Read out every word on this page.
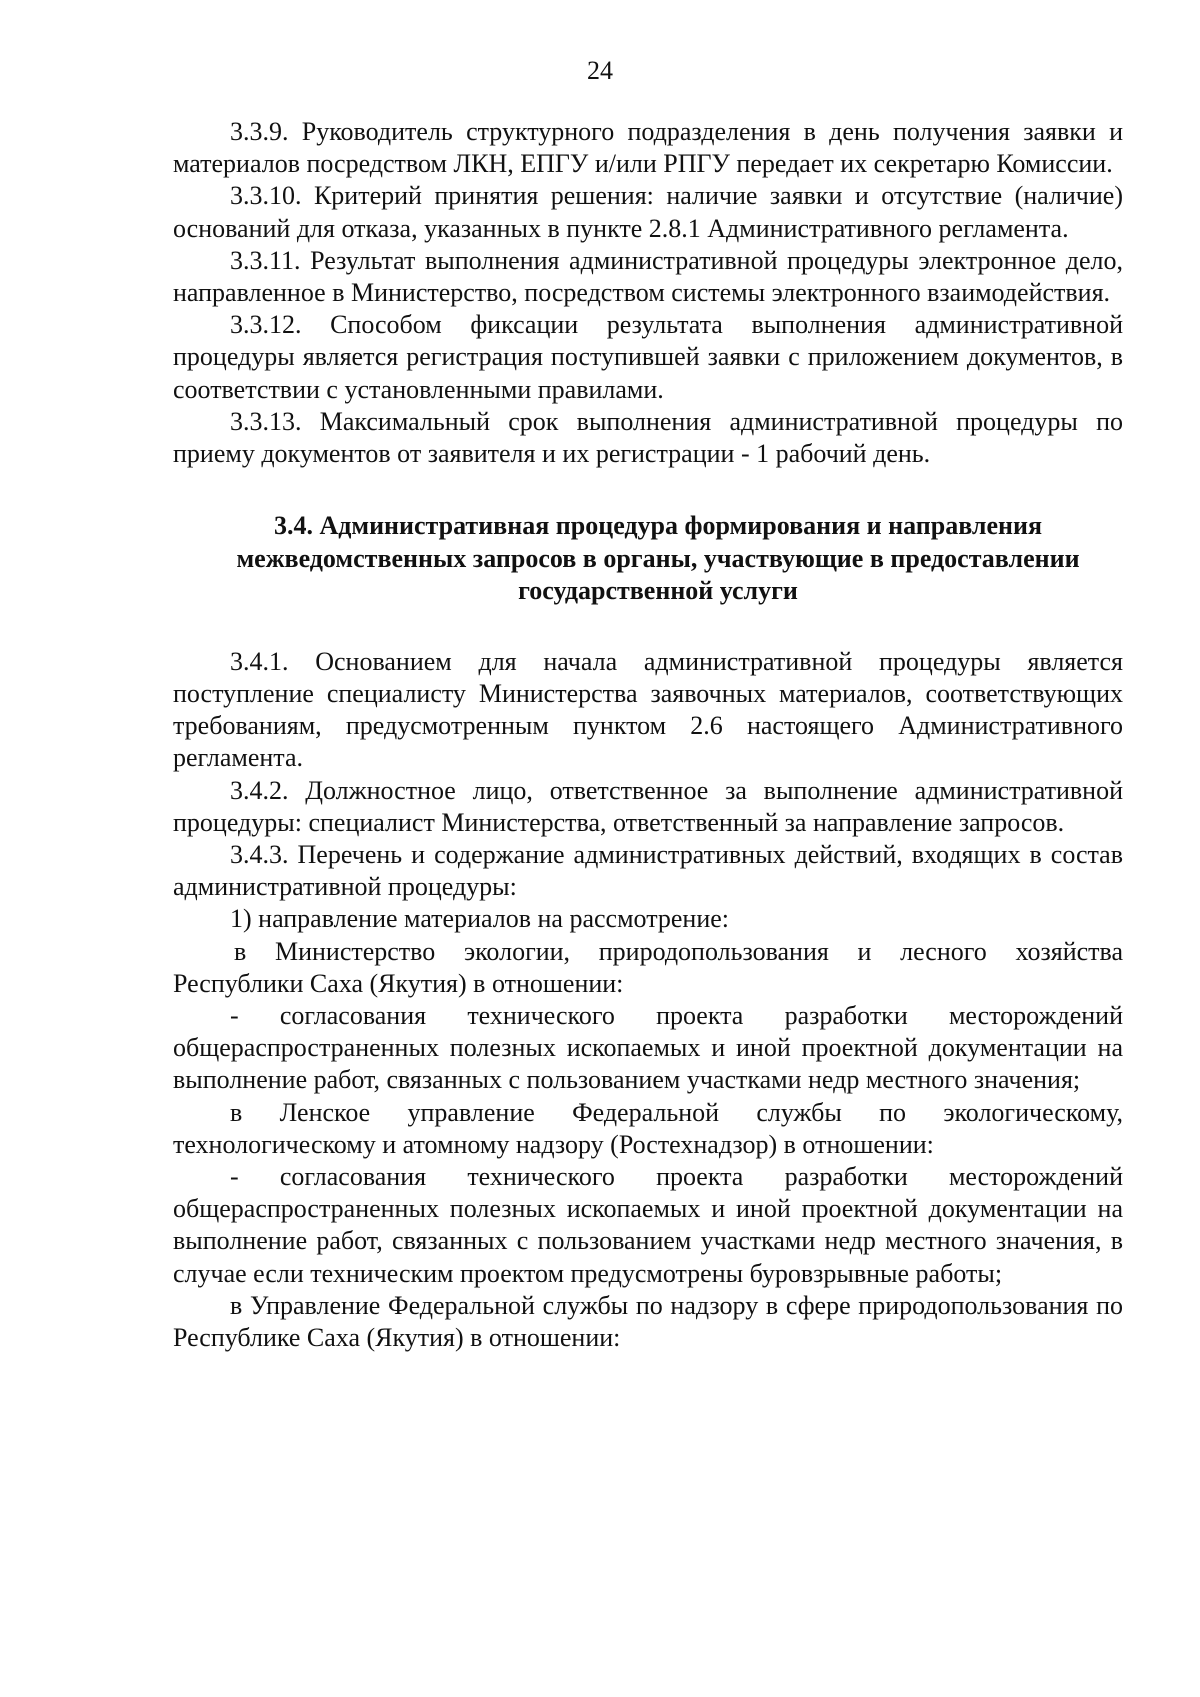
24

3.3.9. Руководитель структурного подразделения в день получения заявки и материалов посредством ЛКН, ЕПГУ и/или РПГУ передает их секретарю Комиссии.

3.3.10. Критерий принятия решения: наличие заявки и отсутствие (наличие) оснований для отказа, указанных в пункте 2.8.1 Административного регламента.

3.3.11. Результат выполнения административной процедуры электронное дело, направленное в Министерство, посредством системы электронного взаимодействия.

3.3.12. Способом фиксации результата выполнения административной процедуры является регистрация поступившей заявки с приложением документов, в соответствии с установленными правилами.

3.3.13. Максимальный срок выполнения административной процедуры по приему документов от заявителя и их регистрации - 1 рабочий день.

3.4. Административная процедура формирования и направления межведомственных запросов в органы, участвующие в предоставлении государственной услуги

3.4.1. Основанием для начала административной процедуры является поступление специалисту Министерства заявочных материалов, соответствующих требованиям, предусмотренным пунктом 2.6 настоящего Административного регламента.

3.4.2. Должностное лицо, ответственное за выполнение административной процедуры: специалист Министерства, ответственный за направление запросов.

3.4.3. Перечень и содержание административных действий, входящих в состав административной процедуры:

1) направление материалов на рассмотрение:

в Министерство экологии, природопользования и лесного хозяйства Республики Саха (Якутия) в отношении:

- согласования технического проекта разработки месторождений общераспространенных полезных ископаемых и иной проектной документации на выполнение работ, связанных с пользованием участками недр местного значения;

в Ленское управление Федеральной службы по экологическому, технологическому и атомному надзору (Ростехнадзор) в отношении:

- согласования технического проекта разработки месторождений общераспространенных полезных ископаемых и иной проектной документации на выполнение работ, связанных с пользованием участками недр местного значения, в случае если техническим проектом предусмотрены буровзрывные работы;

в Управление Федеральной службы по надзору в сфере природопользования по Республике Саха (Якутия) в отношении:
